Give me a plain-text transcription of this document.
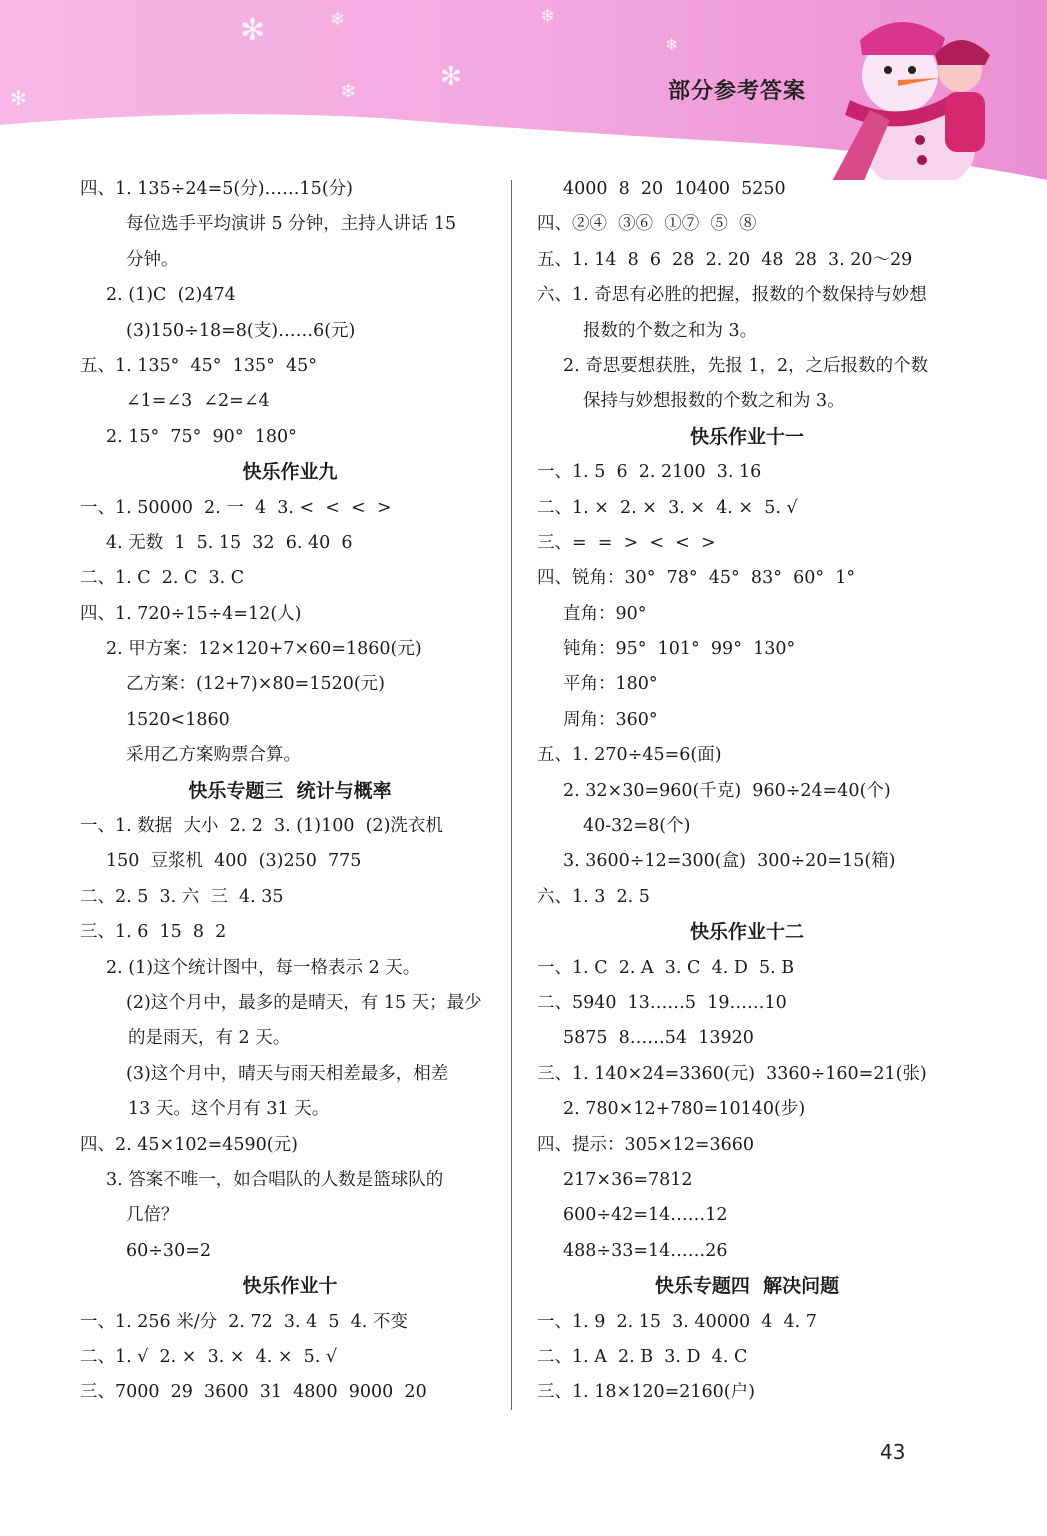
✻	❄
✻
❄
❄
❄
✻	部分参考答案
四、1. 135÷24=5(分)……15(分)
每位选手平均演讲 5 分钟，主持人讲话 15
分钟。
2. (1)C  (2)474
(3)150÷18=8(支)……6(元)
五、1. 135°  45°  135°  45°
∠1=∠3  ∠2=∠4
2. 15°  75°  90°  180°
快乐作业九
一、1. 50000  2. 一  4  3. <  <  <  >
4. 无数  1  5. 15  32  6. 40  6
二、1. C  2. C  3. C
四、1. 720÷15÷4=12(人)
2. 甲方案：12×120+7×60=1860(元)
乙方案：(12+7)×80=1520(元)
1520<1860
采用乙方案购票合算。
快乐专题三  统计与概率
一、1. 数据  大小  2. 2  3. (1)100  (2)洗衣机
150  豆浆机  400  (3)250  775
二、2. 5  3. 六  三  4. 35
三、1. 6  15  8  2
2. (1)这个统计图中，每一格表示 2 天。
(2)这个月中，最多的是晴天，有 15 天；最少
的是雨天，有 2 天。
(3)这个月中，晴天与雨天相差最多，相差
13 天。这个月有 31 天。
四、2. 45×102=4590(元)
3. 答案不唯一，如合唱队的人数是篮球队的
几倍？
60÷30=2
快乐作业十
一、1. 256 米/分  2. 72  3. 4  5  4. 不变
二、1. √  2. ×  3. ×  4. ×  5. √
三、7000  29  3600  31  4800  9000  20
4000  8  20  10400  5250
四、②④  ③⑥  ①⑦  ⑤  ⑧
五、1. 14  8  6  28  2. 20  48  28  3. 20～29
六、1. 奇思有必胜的把握，报数的个数保持与妙想
报数的个数之和为 3。
2. 奇思要想获胜，先报 1，2，之后报数的个数
保持与妙想报数的个数之和为 3。
快乐作业十一
一、1. 5  6  2. 2100  3. 16
二、1. ×  2. ×  3. ×  4. ×  5. √
三、=  =  >  <  <  >
四、锐角：30°  78°  45°  83°  60°  1°
直角：90°
钝角：95°  101°  99°  130°
平角：180°
周角：360°
五、1. 270÷45=6(面)
2. 32×30=960(千克)  960÷24=40(个)
40-32=8(个)
3. 3600÷12=300(盒)  300÷20=15(箱)
六、1. 3  2. 5
快乐作业十二
一、1. C  2. A  3. C  4. D  5. B
二、5940  13……5  19……10
5875  8……54  13920
三、1. 140×24=3360(元)  3360÷160=21(张)
2. 780×12+780=10140(步)
四、提示：305×12=3660
217×36=7812
600÷42=14……12
488÷33=14……26
快乐专题四  解决问题
一、1. 9  2. 15  3. 40000  4  4. 7
二、1. A  2. B  3. D  4. C
三、1. 18×120=2160(户)
43
